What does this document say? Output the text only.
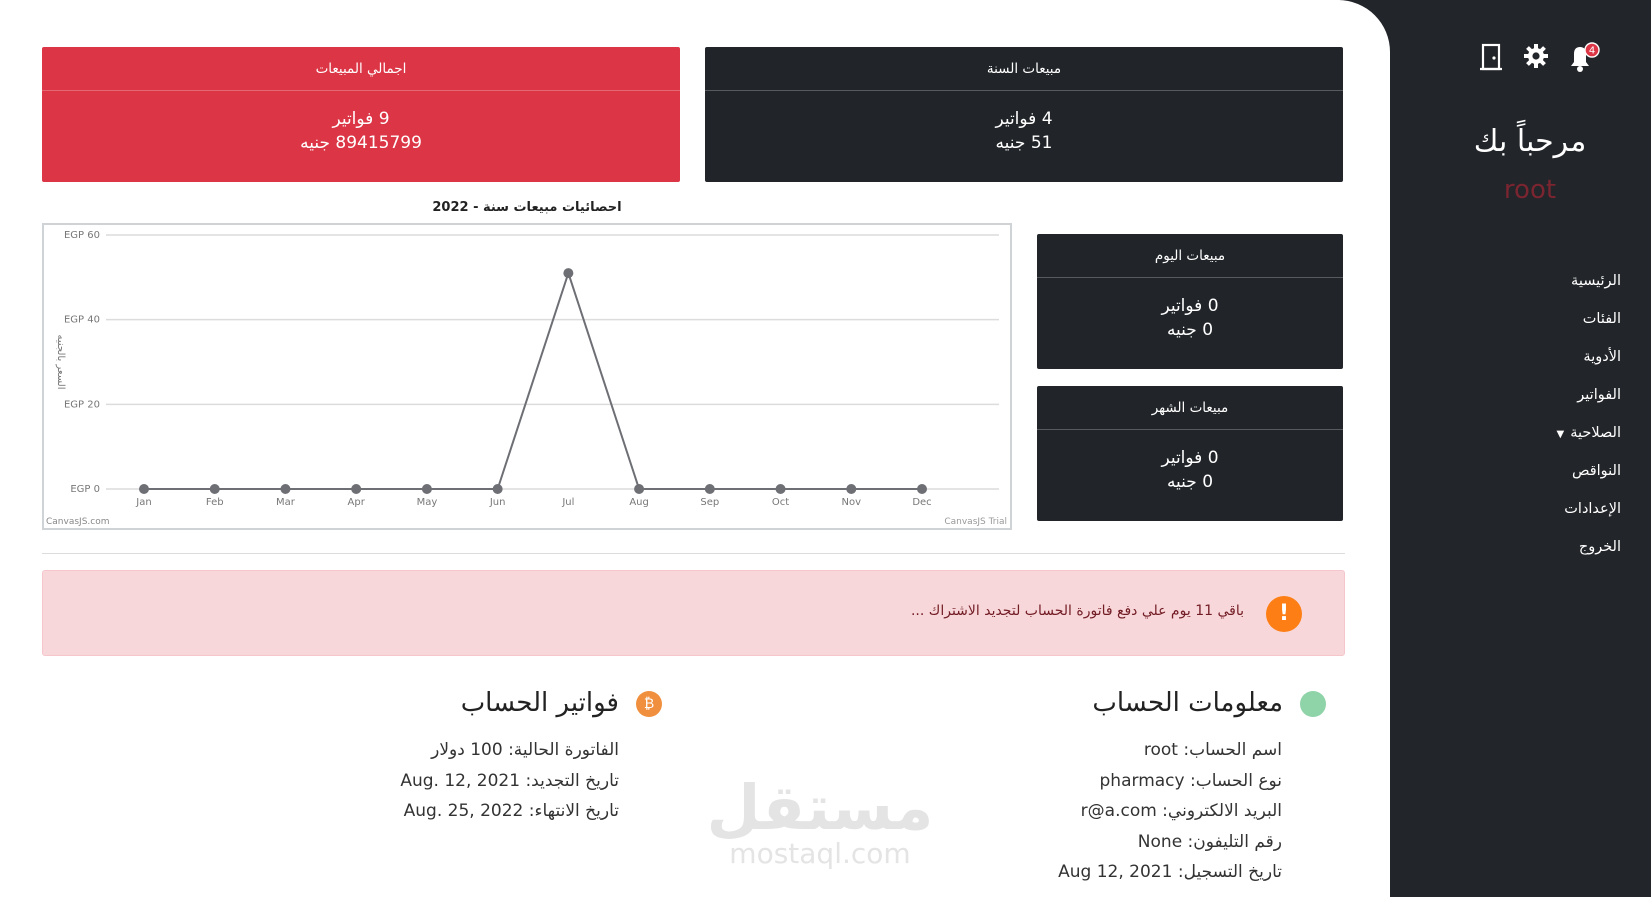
4
مرحباً بك
root
الرئيسية
الفئات
الأدوية
الفواتير
الصلاحية▼
النواقص
الإعدادات
الخروج
اجمالي المبيعات
9 فواتير
89415799 جنيه
مبيعات السنة
4 فواتير
51 جنيه
مبيعات اليوم
0 فواتير
0 جنيه
مبيعات الشهر
0 فواتير
0 جنيه
احصائيات مبيعات سنة - 2022
EGP 0
EGP 20
EGP 40
EGP 60
السعر بالجنيه
Jan	Feb	Mar	Apr	May	Jun	Jul	Aug	Sep	Oct	Nov	Dec
CanvasJS.com	CanvasJS Trial
!
باقي 11 يوم علي دفع فاتورة الحساب لتجديد الاشتراك ...
معلومات الحساب
اسم الحساب: root
نوع الحساب: pharmacy
البريد الالكتروني: r@a.com
رقم التليفون: None
تاريخ التسجيل: Aug 12, 2021
₿
فواتير الحساب
الفاتورة الحالية: 100 دولار
تاريخ التجديد: Aug. 12, 2021
تاريخ الانتهاء: Aug. 25, 2022 مستقل
mostaql.com
